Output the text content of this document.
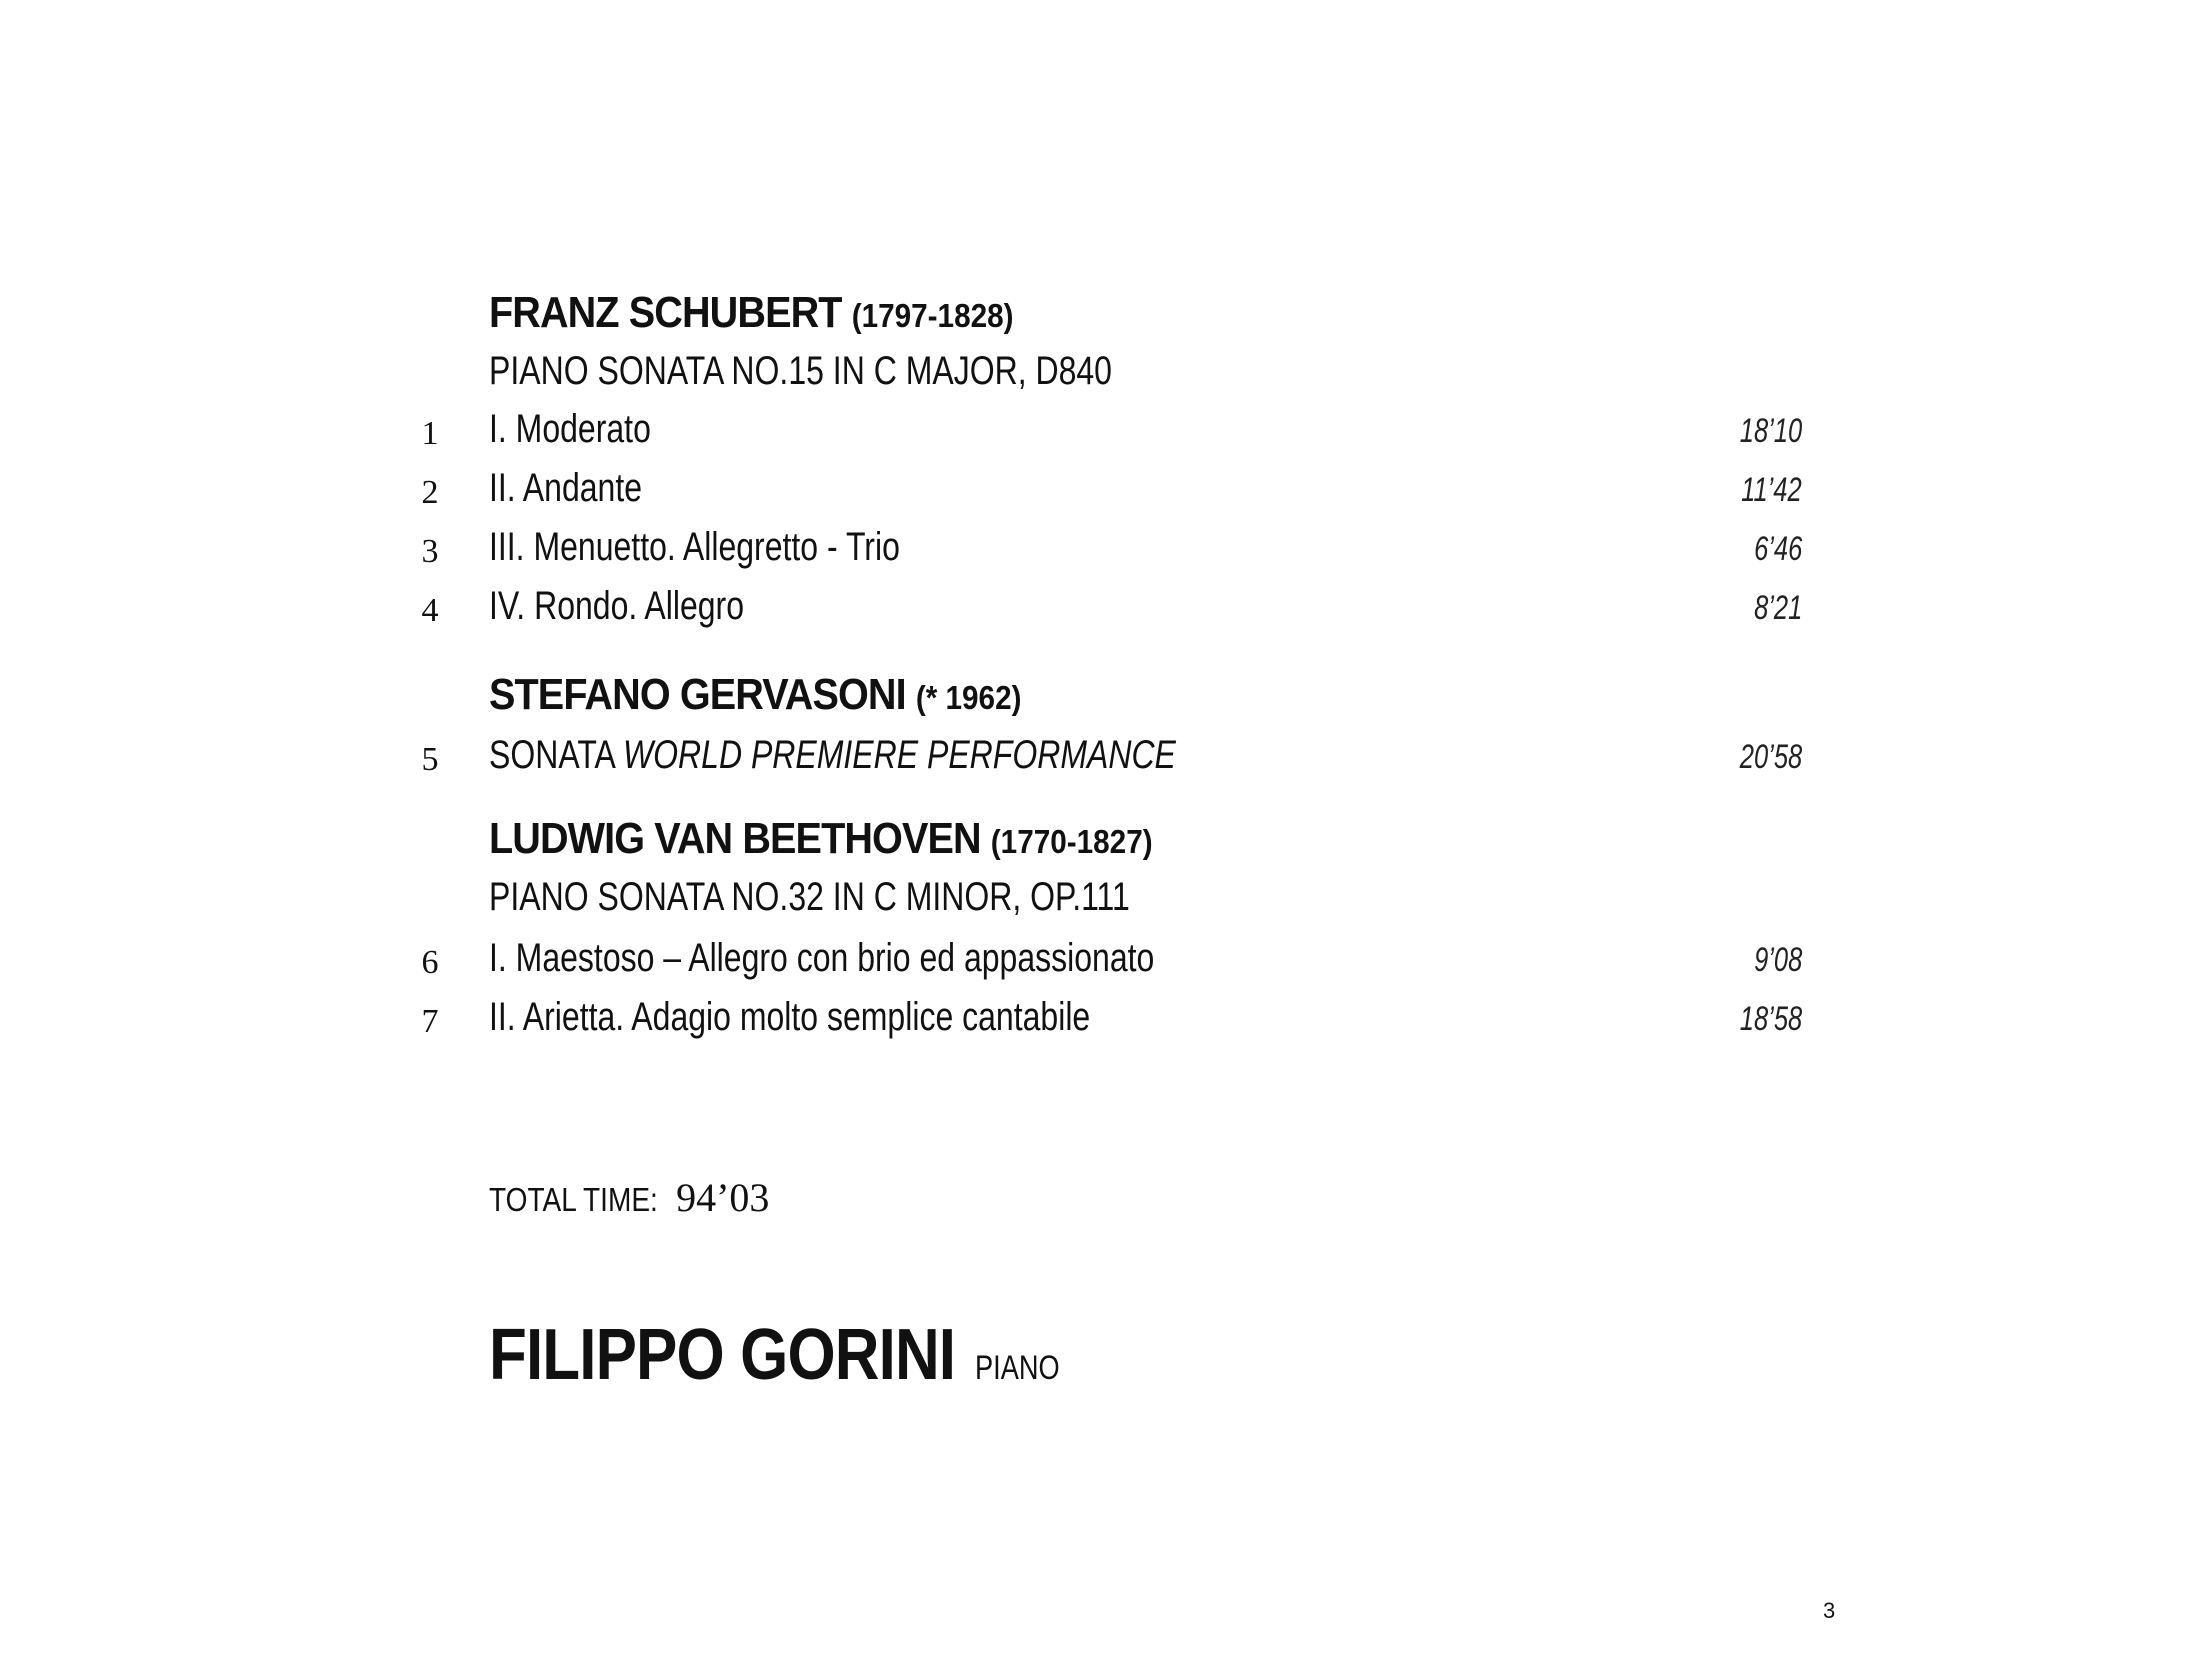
FRANZ SCHUBERT (1797-1828)
PIANO SONATA NO.15 IN C MAJOR, D840
1	I. Moderato	18’10
2	II. Andante	11’42
3	III. Menuetto. Allegretto - Trio	6’46
4	IV. Rondo. Allegro	8’21
STEFANO GERVASONI (* 1962)
5	SONATA WORLD PREMIERE PERFORMANCE	20’58
LUDWIG VAN BEETHOVEN (1770-1827)
PIANO SONATA NO.32 IN C MINOR, OP.111
6	I. Maestoso – Allegro con brio ed appassionato	9’08
7	II. Arietta. Adagio molto semplice cantabile	18’58
TOTAL TIME: 94’03
FILIPPO GORINI PIANO
3
